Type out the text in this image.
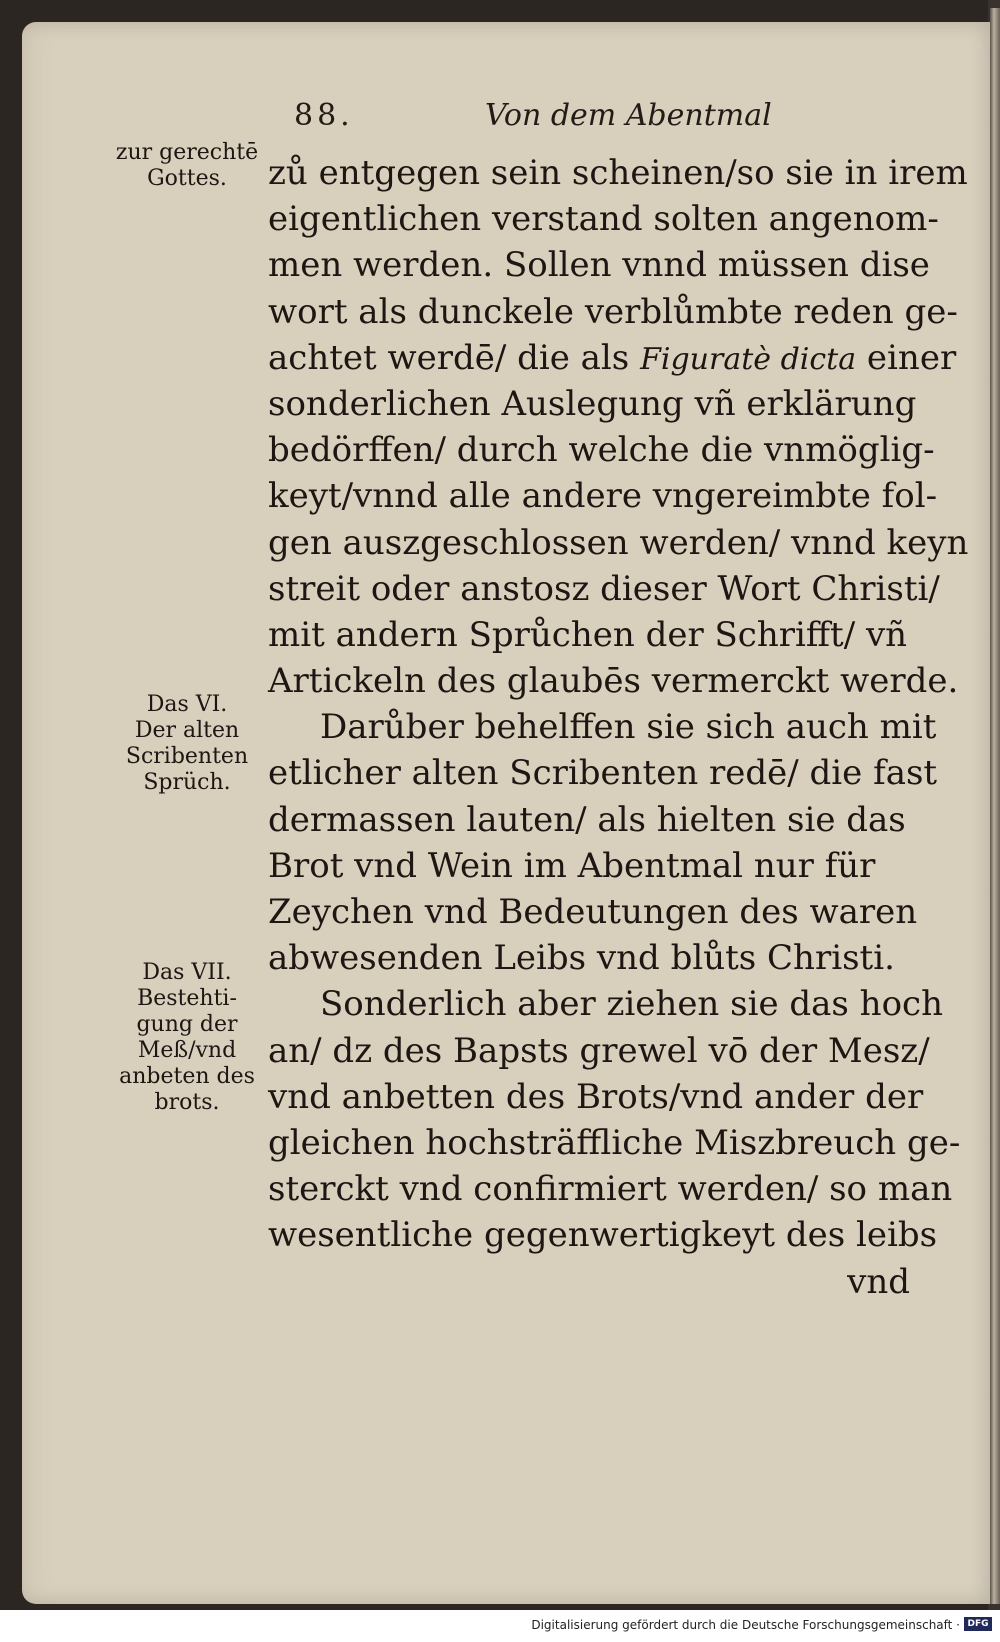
88.	Von dem Abentmal
zur gerechtē
Gottes.
Das VI.
Der alten
Scribenten
Sprüch.
Das VII.
Bestehti-
gung der
Meß/vnd
anbeten des
brots.
zů entgegen sein scheinen/so sie in irem
eigentlichen verstand solten angenom-
men werden. Sollen vnnd müssen dise
wort als dunckele verblůmbte reden ge-
achtet werdē/ die als Figuratè dicta einer
sonderlichen Auslegung vñ erklärung
bedörffen/ durch welche die vnmöglig-
keyt/vnnd alle andere vngereimbte fol-
gen auszgeschlossen werden/ vnnd keyn
streit oder anstosz dieser Wort Christi/
mit andern Sprůchen der Schrifft/ vñ
Artickeln des glaubēs vermerckt werde.
Darůber behelffen sie sich auch mit
etlicher alten Scribenten redē/ die fast
dermassen lauten/ als hielten sie das
Brot vnd Wein im Abentmal nur für
Zeychen vnd Bedeutungen des waren
abwesenden Leibs vnd blůts Christi.
Sonderlich aber ziehen sie das hoch
an/ dz des Bapsts grewel vō der Mesz/
vnd anbetten des Brots/vnd ander der
gleichen hochsträffliche Miszbreuch ge-
sterckt vnd confirmiert werden/ so man
wesentliche gegenwertigkeyt des leibs
vnd
Digitalisierung gefördert durch die Deutsche Forschungsgemeinschaft · DFG
